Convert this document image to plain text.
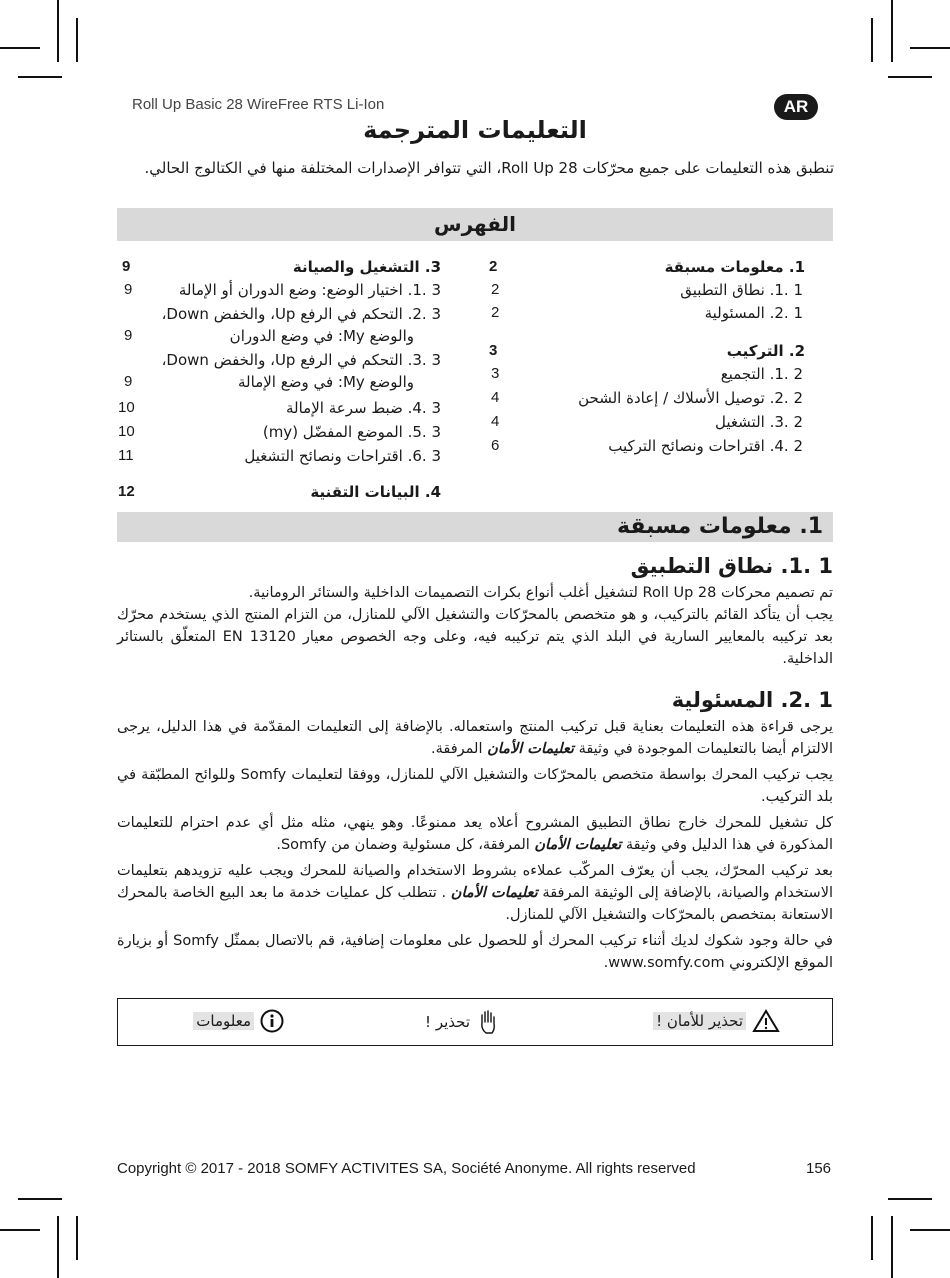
Roll Up Basic 28 WireFree RTS Li-Ion	AR
التعليمات المترجمة
تنطبق هذه التعليمات على جميع محرّكات Roll Up 28، التي تتوافر الإصدارات المختلفة منها في الكتالوج الحالي.
الفهرس
1. معلومات مسبقة
2
1 .1. نطاق التطبيق
2
1 .2. المسئولية
2
2. التركيب
3
2 .1. التجميع
3
2 .2. توصيل الأسلاك / إعادة الشحن
4
2 .3. التشغيل
4
2 .4. اقتراحات ونصائح التركيب
6
3. التشغيل والصيانة
9
3 .1. اختيار الوضع: وضع الدوران أو الإمالة
9
3 .2. التحكم في الرفع Up، والخفض Down،
والوضع My: في وضع الدوران
9
3 .3. التحكم في الرفع Up، والخفض Down،
والوضع My: في وضع الإمالة
9
3 .4. ضبط سرعة الإمالة
10
3 .5. الموضع المفضّل (my)
10
3 .6. اقتراحات ونصائح التشغيل
11
4. البيانات التقنية
12
1. معلومات مسبقة
1 .1. نطاق التطبيق

تم تصميم محركات Roll Up 28 لتشغيل أغلب أنواع بكرات التصميمات الداخلية والستائر الرومانية.

يجب أن يتأكد القائم بالتركيب، و هو متخصص بالمحرّكات والتشغيل الآلي للمنازل، من التزام المنتج الذي يستخدم محرّك بعد تركيبه بالمعايير السارية في البلد الذي يتم تركيبه فيه، وعلى وجه الخصوص معيار EN 13120 المتعلّق بالستائر الداخلية.

1 .2. المسئولية

يرجى قراءة هذه التعليمات بعناية قبل تركيب المنتج واستعماله. بالإضافة إلى التعليمات المقدّمة في هذا الدليل، يرجى الالتزام أيضا بالتعليمات الموجودة في وثيقة تعليمات الأمان المرفقة.

يجب تركيب المحرك بواسطة متخصص بالمحرّكات والتشغيل الآلي للمنازل، ووفقا لتعليمات Somfy وللوائح المطبّقة في بلد التركيب.

كل تشغيل للمحرك خارج نطاق التطبيق المشروح أعلاه يعد ممنوعًا. وهو ينهي، مثله مثل أي عدم احترام للتعليمات المذكورة في هذا الدليل وفي وثيقة تعليمات الأمان المرفقة، كل مسئولية وضمان من Somfy.

بعد تركيب المحرّك، يجب أن يعرّف المركّب عملاءه بشروط الاستخدام والصيانة للمحرك ويجب عليه تزويدهم بتعليمات الاستخدام والصيانة، بالإضافة إلى الوثيقة المرفقة تعليمات الأمان . تتطلب كل عمليات خدمة ما بعد البيع الخاصة بالمحرك الاستعانة بمتخصص بالمحرّكات والتشغيل الآلي للمنازل.

في حالة وجود شكوك لديك أثناء تركيب المحرك أو للحصول على معلومات إضافية، قم بالاتصال بممثّل Somfy أو بزيارة الموقع الإلكتروني www.somfy.com.

تحذير للأمان !
تحذير !
معلومات
Copyright © 2017 - 2018 SOMFY ACTIVITES SA, Société Anonyme. All rights reserved	156
